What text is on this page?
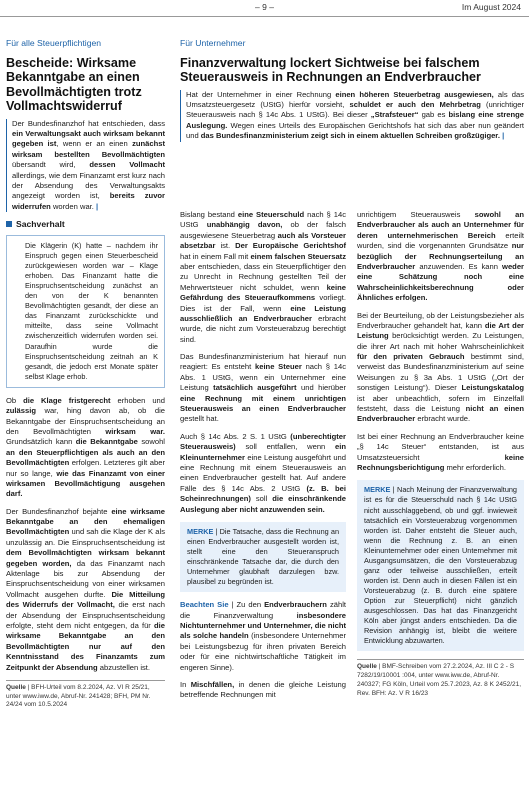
– 9 –	Im August 2024
Für alle Steuerpflichtigen
Bescheide: Wirksame Bekanntgabe an einen Bevollmächtigten trotz Vollmachtswiderruf
Der Bundesfinanzhof hat entschieden, dass ein Verwaltungsakt auch wirksam bekannt gegeben ist, wenn er an einen zunächst wirksam bestellten Bevollmächtigten übersandt wird, dessen Vollmacht allerdings, wie dem Finanzamt erst kurz nach der Absendung des Verwaltungsakts angezeigt worden ist, bereits zuvor widerrufen worden war. |
Sachverhalt

Die Klägerin (K) hatte – nachdem ihr Einspruch gegen einen Steuerbescheid zurückgewiesen worden war – Klage erhoben. Das Finanzamt hatte die Einspruchsentscheidung zunächst an den von der K benannten Bevollmächtigten gesandt, der diese an das Finanzamt zurückschickte und mitteilte, dass seine Vollmacht zwischenzeitlich widerrufen worden sei. Daraufhin wurde die Einspruchsentscheidung zeitnah an K gesandt, die jedoch erst Monate später selbst Klage erhob.

Ob die Klage fristgerecht erhoben und zulässig war, hing davon ab, ob die Bekanntgabe der Einspruchsentscheidung an den Bevollmächtigten wirksam war. Grundsätzlich kann die Bekanntgabe sowohl an den Steuerpflichtigen als auch an den Bevollmächtigten erfolgen. Letzteres gilt aber nur so lange, wie das Finanzamt von einer wirksamen Bevollmächtigung ausgehen darf.

Der Bundesfinanzhof bejahte eine wirksame Bekanntgabe an den ehemaligen Bevollmächtigten und sah die Klage der K als unzulässig an. Die Einspruchsentscheidung ist dem Bevollmächtigten wirksam bekannt gegeben worden, da das Finanzamt nach Aktenlage bis zur Absendung der Einspruchsentscheidung von einer wirksamen Vollmacht ausgehen durfte. Die Mitteilung des Widerrufs der Vollmacht, die erst nach der Absendung der Einspruchsentscheidung erfolgte, steht dem nicht entgegen, da für die wirksame Bekanntgabe an den Bevollmächtigten nur auf den Kenntnisstand des Finanzamts zum Zeitpunkt der Absendung abzustellen ist.

Quelle | BFH-Urteil vom 8.2.2024, Az. VI R 25/21, unter www.iww.de, Abruf-Nr. 241428; BFH, PM Nr. 24/24 vom 10.5.2024
Für Unternehmer
Finanzverwaltung lockert Sichtweise bei falschem Steuerausweis in Rechnungen an Endverbraucher
Hat der Unternehmer in einer Rechnung einen höheren Steuerbetrag ausgewiesen, als das Umsatzsteuergesetz (UStG) hierfür vorsieht, schuldet er auch den Mehrbetrag (unrichtiger Steuerausweis nach § 14c Abs. 1 UStG). Bei dieser „Strafsteuer“ gab es bislang eine strenge Auslegung. Wegen eines Urteils des Europäischen Gerichtshofs hat sich das aber nun geändert und das Bundesfinanzministerium zeigt sich in einem aktuellen Schreiben großzügiger. |

Bislang bestand eine Steuerschuld nach § 14c UStG unabhängig davon, ob der falsch ausgewiesene Steuerbetrag auch als Vorsteuer absetzbar ist. Der Europäische Gerichtshof hat in einem Fall mit einem falschen Steuersatz aber entschieden, dass ein Steuerpflichtiger den zu Unrecht in Rechnung gestellten Teil der Mehrwertsteuer nicht schuldet, wenn keine Gefährdung des Steueraufkommens vorliegt. Dies ist der Fall, wenn eine Leistung ausschließlich an Endverbraucher erbracht wurde, die nicht zum Vorsteuerabzug berechtigt sind.

Das Bundesfinanzministerium hat hierauf nun reagiert: Es entsteht keine Steuer nach § 14c Abs. 1 UStG, wenn ein Unternehmer eine Leistung tatsächlich ausgeführt und hierüber eine Rechnung mit einem unrichtigen Steuerausweis an einen Endverbraucher gestellt hat.

Auch § 14c Abs. 2 S. 1 UStG (unberechtigter Steuerausweis) soll entfallen, wenn ein Kleinunternehmer eine Leistung ausgeführt und eine Rechnung mit einem Steuerausweis an einen Endverbraucher gestellt hat. Auf andere Fälle des § 14c Abs. 2 UStG (z. B. bei Scheinrechnungen) soll die einschränkende Auslegung aber nicht anzuwenden sein.

MERKE | Die Tatsache, dass die Rechnung an einen Endverbraucher ausgestellt worden ist, stellt eine den Steueranspruch einschränkende Tatsache dar, die durch den Unternehmer glaubhaft darzulegen bzw. plausibel zu begründen ist.

Beachten Sie | Zu den Endverbrauchern zählt die Finanzverwaltung insbesondere Nichtunternehmer und Unternehmer, die nicht als solche handeln (insbesondere Unternehmer bei Leistungsbezug für ihren privaten Bereich oder für eine nichtwirtschaftliche Tätigkeit im engeren Sinne).

In Mischfällen, in denen die gleiche Leistung betreffende Rechnungen mit

unrichtigem Steuerausweis sowohl an Endverbraucher als auch an Unternehmer für deren unternehmerischen Bereich erteilt wurden, sind die vorgenannten Grundsätze nur bezüglich der Rechnungserteilung an Endverbraucher anzuwenden. Es kann weder eine Schätzung noch eine Wahrscheinlichkeitsberechnung oder Ähnliches erfolgen.

Bei der Beurteilung, ob der Leistungsbezieher als Endverbraucher gehandelt hat, kann die Art der Leistung berücksichtigt werden. Zu Leistungen, die ihrer Art nach mit hoher Wahrscheinlichkeit für den privaten Gebrauch bestimmt sind, verweist das Bundesfinanzministerium auf seine Weisungen zu § 3a Abs. 1 UStG („Ort der sonstigen Leistung“). Dieser Leistungskatalog ist aber unbeachtlich, sofern im Einzelfall feststeht, dass die Leistung nicht an einen Endverbraucher erbracht wurde.

Ist bei einer Rechnung an Endverbraucher keine „§ 14c Steuer“ entstanden, ist aus Umsatzsteuersicht keine Rechnungsberichtigung mehr erforderlich.

MERKE | Nach Meinung der Finanzverwaltung ist es für die Steuerschuld nach § 14c UStG nicht ausschlaggebend, ob und ggf. inwieweit tatsächlich ein Vorsteuerabzug vorgenommen worden ist. Daher entsteht die Steuer auch, wenn die Rechnung z. B. an einen Kleinunternehmer oder einen Unternehmer mit Ausgangsumsätzen, die den Vorsteuerabzug ganz oder teilweise ausschließen, erteilt worden ist. Denn auch in diesen Fällen ist ein Vorsteuerabzug (z. B. durch eine spätere Option zur Steuerpflicht) nicht gänzlich ausgeschlossen. Das hat das Finanzgericht Köln aber jüngst anders entschieden. Da die Revision anhängig ist, bleibt die weitere Entwicklung abzuwarten.
Quelle | BMF-Schreiben vom 27.2.2024, Az. III C 2 - S 7282/19/10001 :004, unter www.iww.de, Abruf-Nr. 240327; FG Köln, Urteil vom 25.7.2023, Az. 8 K 2452/21, Rev. BFH: Az. V R 16/23
